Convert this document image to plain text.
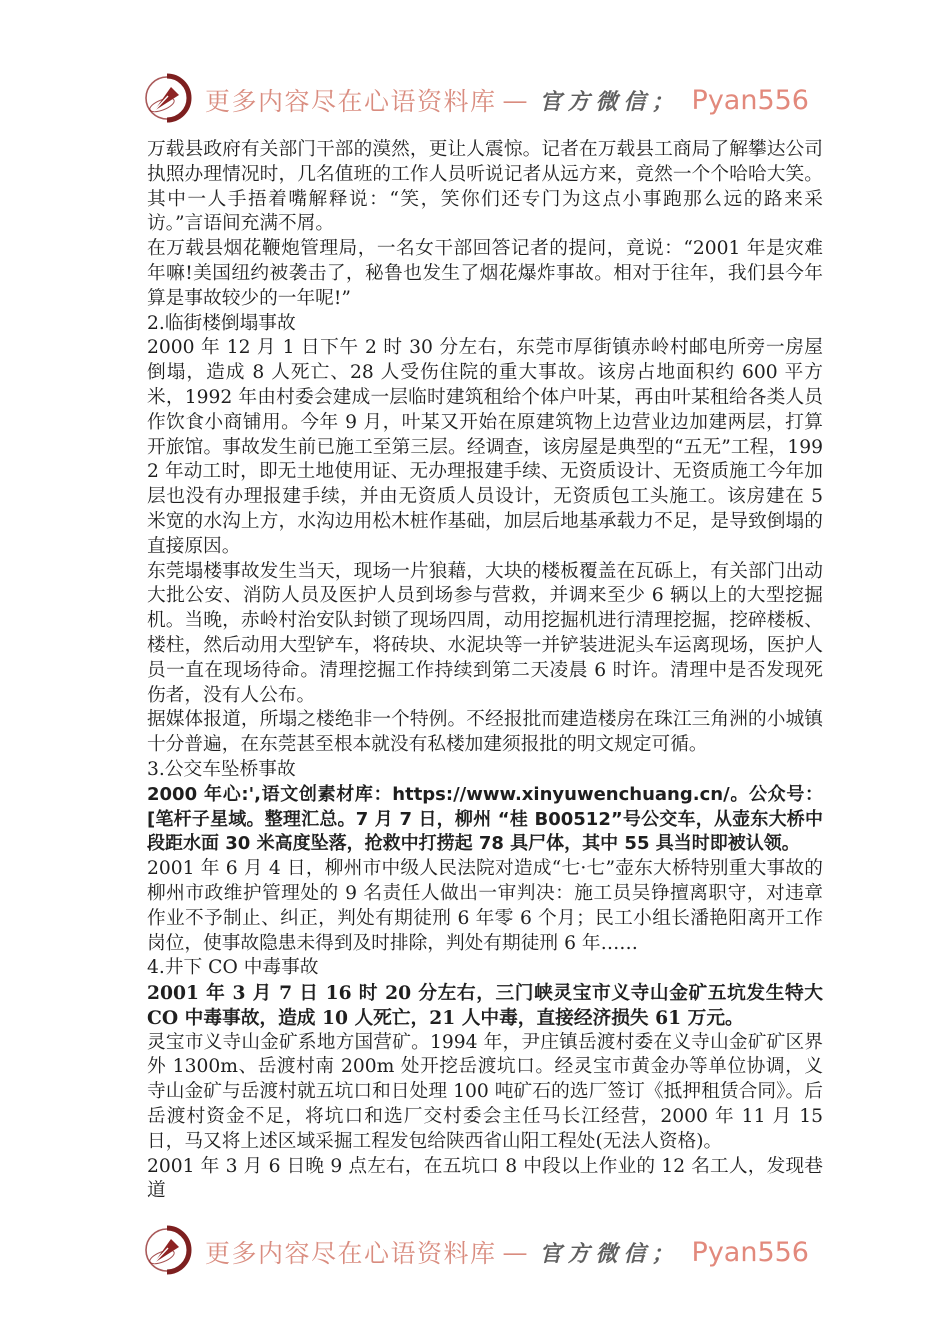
更多内容尽在心语资料库 — 官方微信； Pyan556

万载县政府有关部门干部的漠然，更让人震惊。记者在万载县工商局了解攀达公司执照办理情况时，几名值班的工作人员听说记者从远方来，竟然一个个哈哈大笑。其中一人手捂着嘴解释说：“笑，笑你们还专门为这点小事跑那么远的路来采访。”言语间充满不屑。

在万载县烟花鞭炮管理局，一名女干部回答记者的提问，竟说：“2001 年是灾难年嘛!美国纽约被袭击了，秘鲁也发生了烟花爆炸事故。相对于往年，我们县今年算是事故较少的一年呢!”

2.临街楼倒塌事故

2000 年 12 月 1 日下午 2 时 30 分左右，东莞市厚街镇赤岭村邮电所旁一房屋倒塌，造成 8 人死亡、28 人受伤住院的重大事故。该房占地面积约 600 平方米，1992 年由村委会建成一层临时建筑租给个体户叶某，再由叶某租给各类人员作饮食小商铺用。今年 9 月，叶某又开始在原建筑物上边营业边加建两层，打算开旅馆。事故发生前已施工至第三层。经调查，该房屋是典型的“五无”工程，1992 年动工时，即无土地使用证、无办理报建手续、无资质设计、无资质施工今年加层也没有办理报建手续，并由无资质人员设计，无资质包工头施工。该房建在 5 米宽的水沟上方，水沟边用松木桩作基础，加层后地基承载力不足，是导致倒塌的直接原因。

东莞塌楼事故发生当天，现场一片狼藉，大块的楼板覆盖在瓦砾上，有关部门出动大批公安、消防人员及医护人员到场参与营救，并调来至少 6 辆以上的大型挖掘机。当晚，赤岭村治安队封锁了现场四周，动用挖掘机进行清理挖掘，挖碎楼板、楼柱，然后动用大型铲车，将砖块、水泥块等一并铲装进泥头车运离现场，医护人员一直在现场待命。清理挖掘工作持续到第二天凌晨 6 时许。清理中是否发现死伤者，没有人公布。

据媒体报道，所塌之楼绝非一个特例。不经报批而建造楼房在珠江三角洲的小城镇十分普遍，在东莞甚至根本就没有私楼加建须报批的明文规定可循。

3.公交车坠桥事故

2000 年心:',语文创素材库：https://www.xinyuwenchuang.cn/。公众号：[笔杆子星域。整理汇总。7 月 7 日，柳州 “桂 B00512”号公交车，从壶东大桥中段距水面 30 米高度坠落，抢救中打捞起 78 具尸体，其中 55 具当时即被认领。

2001 年 6 月 4 日，柳州市中级人民法院对造成“七·七”壶东大桥特别重大事故的柳州市政维护管理处的 9 名责任人做出一审判决：施工员吴铮擅离职守，对违章作业不予制止、纠正，判处有期徒刑 6 年零 6 个月；民工小组长潘艳阳离开工作岗位，使事故隐患未得到及时排除，判处有期徒刑 6 年……

4.井下 CO 中毒事故

2001 年 3 月 7 日 16 时 20 分左右，三门峡灵宝市义寺山金矿五坑发生特大 CO 中毒事故，造成 10 人死亡，21 人中毒，直接经济损失 61 万元。

灵宝市义寺山金矿系地方国营矿。1994 年，尹庄镇岳渡村委在义寺山金矿矿区界外 1300m、岳渡村南 200m 处开挖岳渡坑口。经灵宝市黄金办等单位协调，义寺山金矿与岳渡村就五坑口和日处理 100 吨矿石的选厂签订《抵押租赁合同》。后岳渡村资金不足，将坑口和选厂交村委会主任马长江经营，2000 年 11 月 15 日，马又将上述区域采掘工程发包给陕西省山阳工程处(无法人资格)。

2001 年 3 月 6 日晚 9 点左右，在五坑口 8 中段以上作业的 12 名工人，发现巷道

更多内容尽在心语资料库 — 官方微信； Pyan556
